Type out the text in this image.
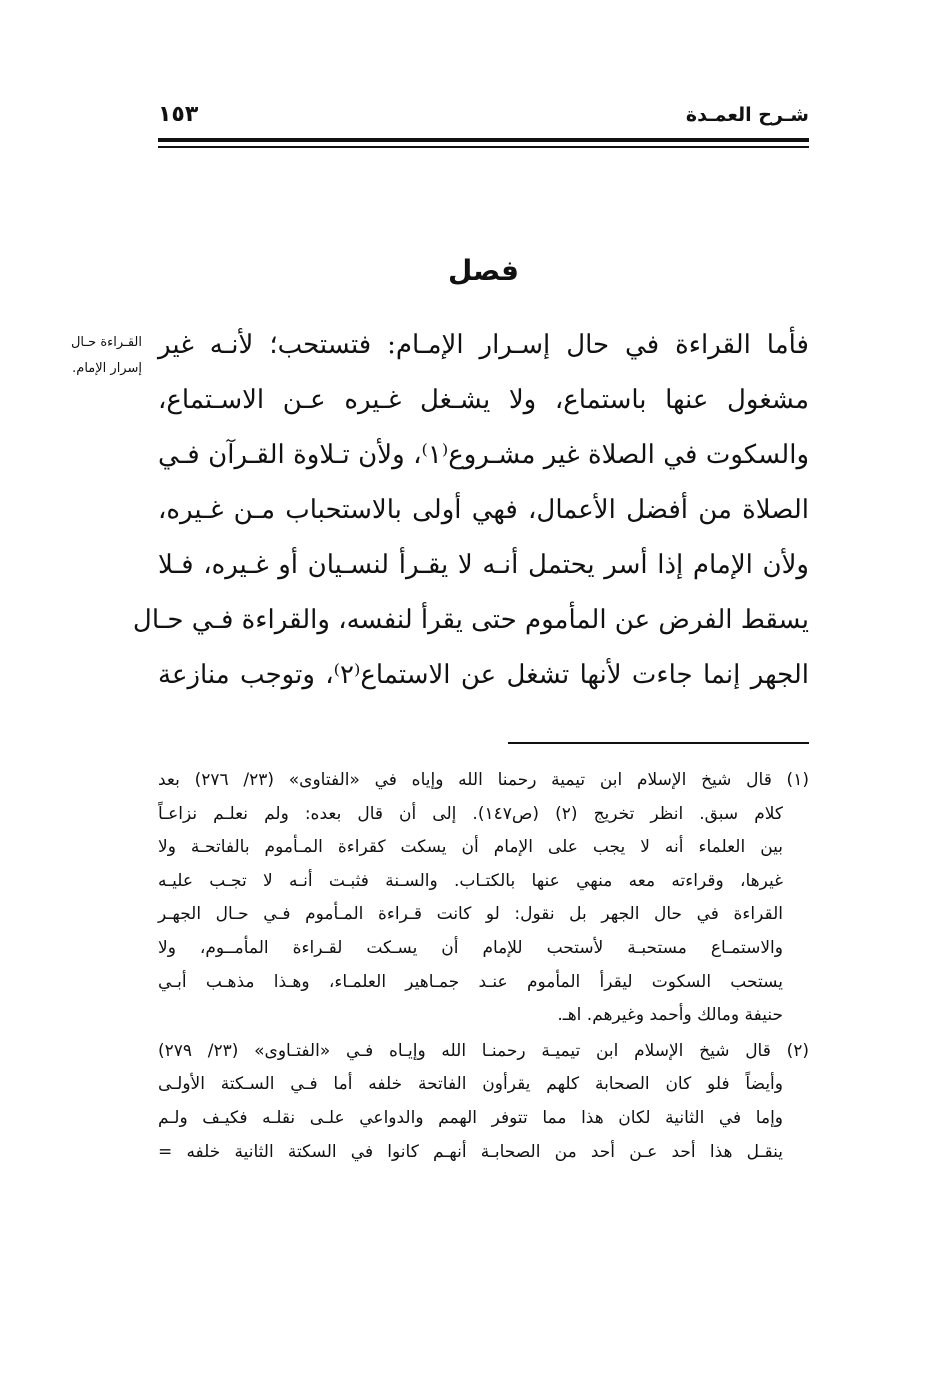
شـرح العمـدة
١٥٣
فصل
القـراءة حـال
إسرار الإمام.
فأما القراءة في حال إسـرار الإمـام: فتستحب؛ لأنـه غير
مشغول عنها باستماع، ولا يشـغل غـيره عـن الاسـتماع،
والسكوت في الصلاة غير مشـروع⁽١⁾، ولأن تـلاوة القـرآن فـي
الصلاة من أفضل الأعمال، فهي أولى بالاستحباب مـن غـيره،
ولأن الإمام إذا أسر يحتمل أنـه لا يقـرأ لنسـيان أو غـيره، فـلا
يسقط الفرض عن المأموم حتى يقرأ لنفسه، والقراءة فـي حـال
الجهر إنما جاءت لأنها تشغل عن الاستماع⁽٢⁾، وتوجب منازعة
(١) قال شيخ الإسلام ابن تيمية رحمنا الله وإياه في «الفتاوى» (٢٣/ ٢٧٦) بعد
كلام سبق. انظر تخريج (٢) (ص١٤٧). إلى أن قال بعده: ولم نعلـم نزاعـاً
بين العلماء أنه لا يجب على الإمام أن يسكت كقراءة المـأموم بالفاتحـة ولا
غيرها، وقراءته معه منهي عنها بالكتـاب. والسـنة فثبـت أنـه لا تجـب عليـه
القراءة في حال الجهر بل نقول: لو كانت قـراءة المـأموم فـي حـال الجهـر
والاستمـاع مستحبـة لأستحب للإمام أن يسـكت لقـراءة المأمــوم، ولا
يستحب السكوت ليقرأ المأموم عنـد جمـاهير العلمـاء، وهـذا مذهـب أبـي
حنيفة ومالك وأحمد وغيرهم. اهـ.
(٢) قال شيخ الإسلام ابن تيميـة رحمنـا الله وإيـاه فـي «الفتـاوى» (٢٣/ ٢٧٩)
وأيضاً فلو كان الصحابة كلهم يقرأون الفاتحة خلفه أما فـي السـكتة الأولـى
وإما في الثانية لكان هذا مما تتوفر الهمم والدواعي علـى نقلـه فكيـف ولـم
ينقـل هذا أحد عـن أحد من الصحابـة أنهـم كانوا في السكتة الثانية خلفه =
